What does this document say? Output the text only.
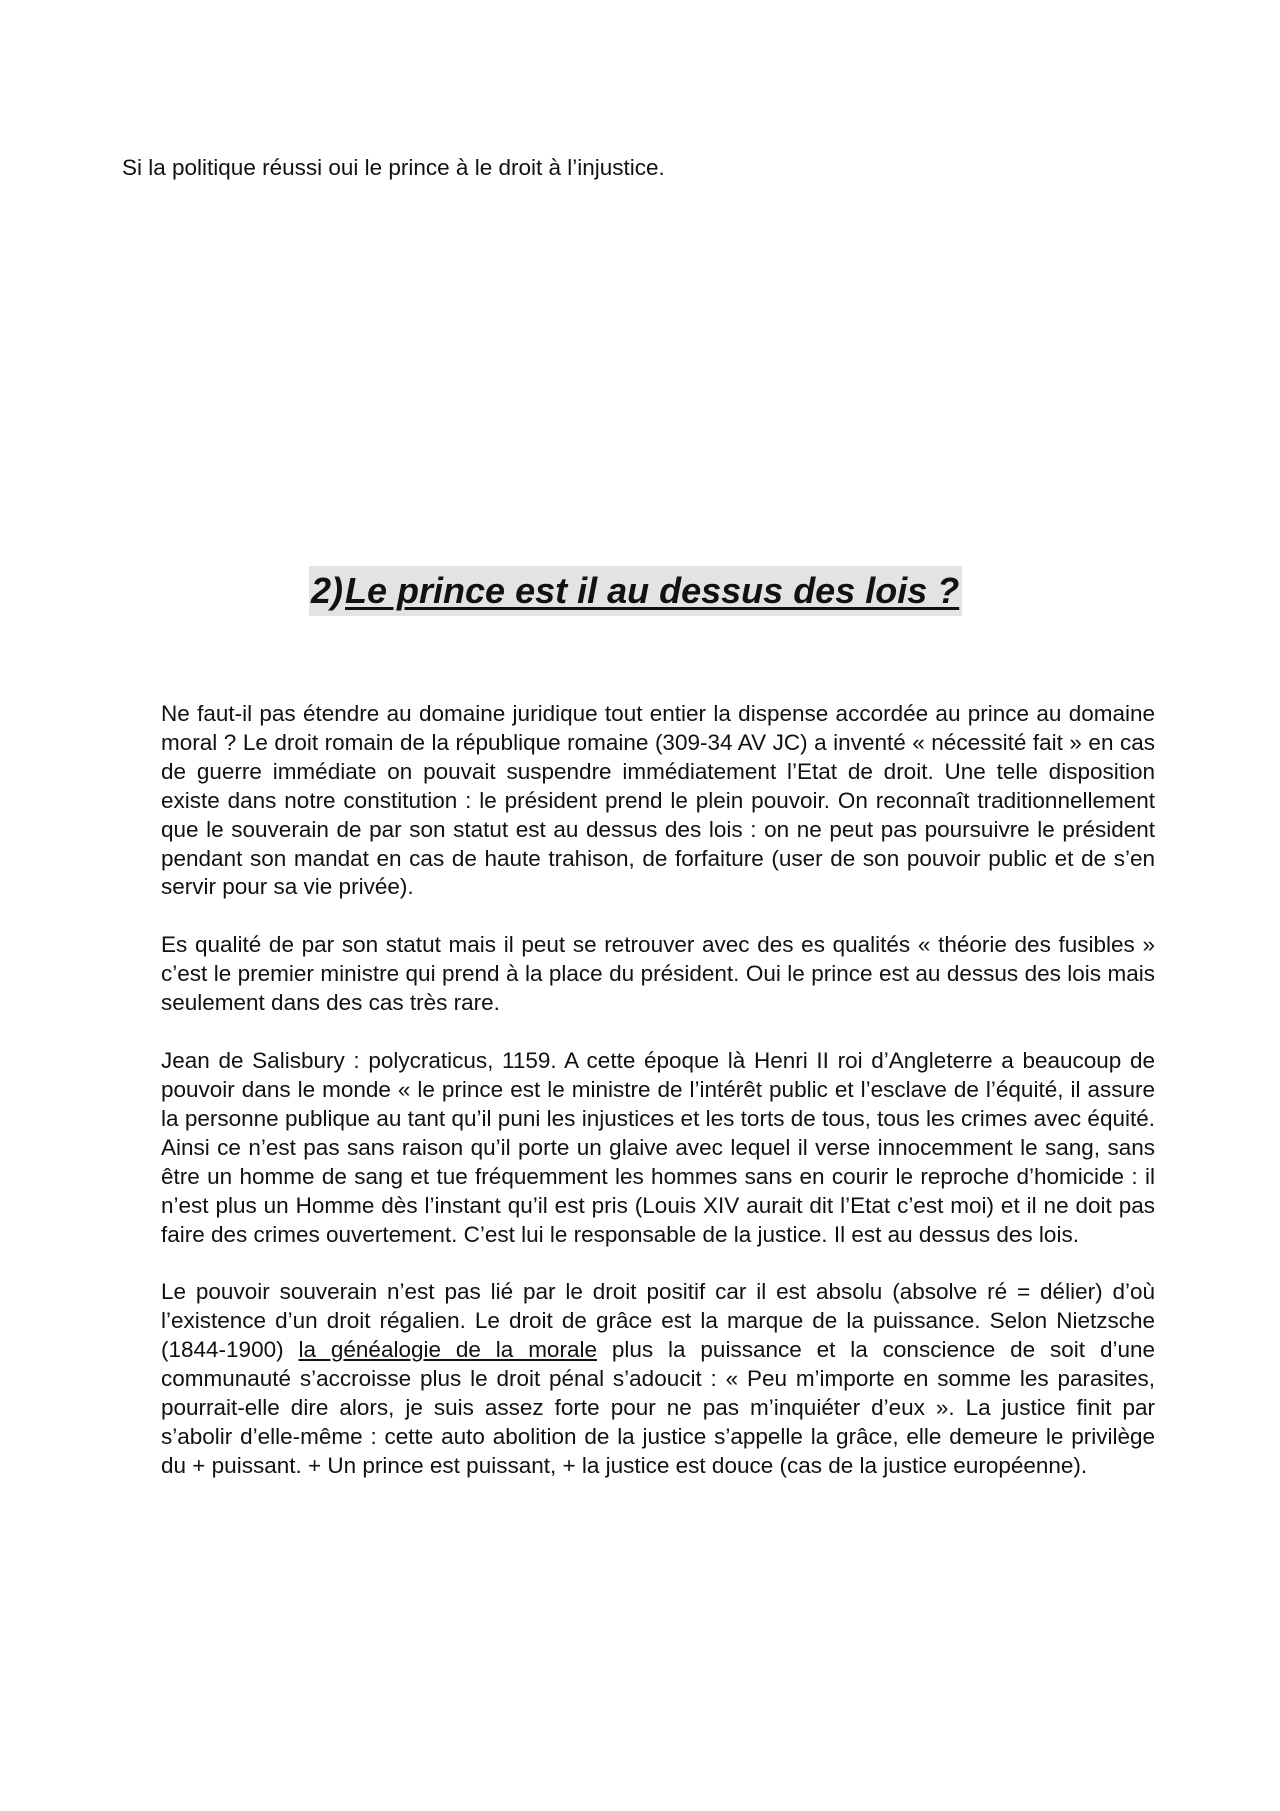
Si la politique réussi oui le prince à le droit à l’injustice.
2)Le prince est il au dessus des lois ?

Ne faut-il pas étendre au domaine juridique tout entier la dispense accordée au prince au domaine moral ? Le droit romain de la république romaine (309-34 AV JC) a inventé « nécessité fait » en cas de guerre immédiate on pouvait suspendre immédiatement l’Etat de droit. Une telle disposition existe dans notre constitution : le président prend le plein pouvoir. On reconnaît traditionnellement que le souverain de par son statut est au dessus des lois : on ne peut pas poursuivre le président pendant son mandat en cas de haute trahison, de forfaiture (user de son pouvoir public et de s’en servir pour sa vie privée).

Es qualité de par son statut mais il peut se retrouver avec des es qualités « théorie des fusibles » c’est le premier ministre qui prend à la place du président. Oui le prince est au dessus des lois mais seulement dans des cas très rare.

Jean de Salisbury : polycraticus, 1159. A cette époque là Henri II roi d’Angleterre a beaucoup de pouvoir dans le monde « le prince est le ministre de l’intérêt public et l’esclave de l’équité, il assure la personne publique au tant qu’il puni les injustices et les torts de tous, tous les crimes avec équité. Ainsi ce n’est pas sans raison qu’il porte un glaive avec lequel il verse innocemment le sang, sans être un homme de sang et tue fréquemment les hommes sans en courir le reproche d’homicide : il n’est plus un Homme dès l’instant qu’il est pris (Louis XIV aurait dit l’Etat c’est moi) et il ne doit pas faire des crimes ouvertement. C’est lui le responsable de la justice. Il est au dessus des lois.

Le pouvoir souverain n’est pas lié par le droit positif car il est absolu (absolve ré = délier) d’où l’existence d’un droit régalien. Le droit de grâce est la marque de la puissance. Selon Nietzsche (1844-1900) la généalogie de la morale plus la puissance et la conscience de soit d’une communauté s’accroisse plus le droit pénal s’adoucit : « Peu m’importe en somme les parasites, pourrait-elle dire alors, je suis assez forte pour ne pas m’inquiéter d’eux ». La justice finit par s’abolir d’elle-même : cette auto abolition de la justice s’appelle la grâce, elle demeure le privilège du + puissant. + Un prince est puissant, + la justice est douce (cas de la justice européenne).
